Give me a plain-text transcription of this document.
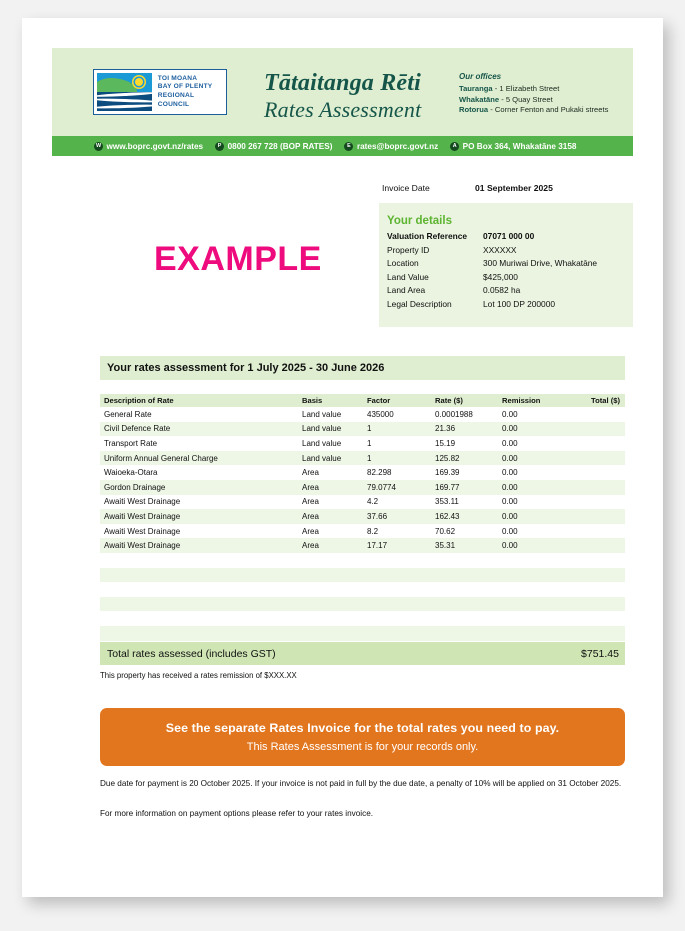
TOI MOANA
BAY OF PLENTY
REGIONAL COUNCIL
Tātaitanga Rēti
Rates Assessment
Our offices
Tauranga - 1 Elizabeth Street
Whakatāne - 5 Quay Street
Rotorua - Corner Fenton and Pukaki streets
W www.boprc.govt.nz/rates	P 0800 267 728 (BOP RATES)	E rates@boprc.govt.nz	A PO Box 364, Whakatāne 3158
Invoice Date	01 September 2025
Your details
Valuation Reference 07071 000 00
Property ID	XXXXXX
Location	300 Muriwai Drive, Whakatāne
Land Value	$425,000
Land Area	0.0582 ha
Legal Description	Lot 100 DP 200000
EXAMPLE
Your rates assessment for 1 July 2025 - 30 June 2026
Description of Rate	Basis	Factor	Rate ($)	Remission	Total ($)
General Rate	Land value	435000	0.0001988	0.00	
Civil Defence Rate	Land value	1	21.36	0.00	
Transport Rate	Land value	1	15.19	0.00	
Uniform Annual General Charge	Land value	1	125.82	0.00	
Waioeka-Otara	Area	82.298	169.39	0.00	
Gordon Drainage	Area	79.0774	169.77	0.00	
Awaiti West Drainage	Area	4.2	353.11	0.00	
Awaiti West Drainage	Area	37.66	162.43	0.00	
Awaiti West Drainage	Area	8.2	70.62	0.00	
Awaiti West Drainage	Area	17.17	35.31	0.00	

Total rates assessed (includes GST)	$751.45
This property has received a rates remission of $XXX.XX
See the separate Rates Invoice for the total rates you need to pay.
This Rates Assessment is for your records only.
Due date for payment is 20 October 2025. If your invoice is not paid in full by the due date, a penalty of 10% will be applied on 31 October 2025.
For more information on payment options please refer to your rates invoice.
